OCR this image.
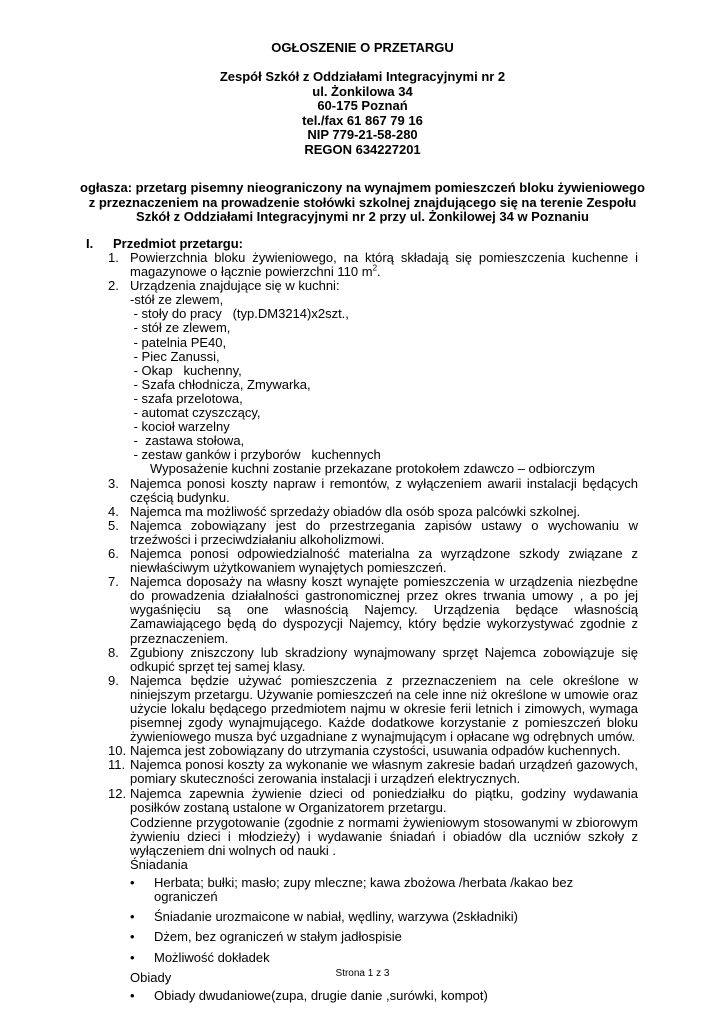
OGŁOSZENIE O PRZETARGU
Zespół Szkół z Oddziałami Integracyjnymi nr 2
ul. Żonkilowa 34
60-175 Poznań
tel./fax 61 867 79 16
NIP 779-21-58-280
REGON 634227201
ogłasza: przetarg pisemny nieograniczony na wynajmem pomieszczeń bloku żywieniowego z przeznaczeniem na prowadzenie stołówki szkolnej znajdującego się na terenie Zespołu Szkół z Oddziałami Integracyjnymi nr 2 przy ul. Żonkilowej 34 w Poznaniu
I. Przedmiot przetargu:
1. Powierzchnia bloku żywieniowego, na którą składają się pomieszczenia kuchenne i magazynowe o łącznie powierzchni 110 $m^2$.
2. Urządzenia znajdujące się w kuchni:
-stół ze zlewem,
- stoły do pracy   (typ.DM3214)x2szt.,
- stół ze zlewem,
- patelnia PE40,
- Piec Zanussi,
- Okap   kuchenny,
- Szafa chłodnicza, Zmywarka,
- szafa przelotowa,
- automat czyszczący,
- kocioł warzelny
-  zastawa stołowa,
- zestaw ganków i przyborów   kuchennych
Wyposażenie kuchni zostanie przekazane protokołem zdawczo – odbiorczym
3. Najemca ponosi koszty napraw i remontów, z wyłączeniem awarii instalacji będących częścią budynku.
4. Najemca ma możliwość sprzedaży obiadów dla osób spoza palcówki szkolnej.
5. Najemca zobowiązany jest do przestrzegania zapisów ustawy o wychowaniu w trzeźwości i przeciwdziałaniu alkoholizmowi.
6. Najemca ponosi odpowiedzialność materialna za wyrządzone szkody związane z niewłaściwym użytkowaniem wynajętych pomieszczeń.
7. Najemca doposaży na własny koszt wynajęte pomieszczenia w urządzenia niezbędne do prowadzenia działalności gastronomicznej przez okres trwania umowy , a po jej wygaśnięciu są one własnością Najemcy. Urządzenia będące własnością Zamawiającego będą do dyspozycji Najemcy, który będzie wykorzystywać zgodnie z przeznaczeniem.
8. Zgubiony zniszczony lub skradziony wynajmowany sprzęt Najemca zobowiązuje się odkupić sprzęt tej samej klasy.
9. Najemca będzie używać pomieszczenia z przeznaczeniem na cele określone w niniejszym przetargu. Używanie pomieszczeń na cele inne niż określone w umowie oraz użycie lokalu będącego przedmiotem najmu w okresie ferii letnich i zimowych, wymaga pisemnej zgody wynajmującego. Każde dodatkowe korzystanie z pomieszczeń bloku żywieniowego musza być uzgadniane z wynajmującym i opłacane wg odrębnych umów.
10. Najemca jest zobowiązany do utrzymania czystości, usuwania odpadów kuchennych.
11. Najemca ponosi koszty za wykonanie we własnym zakresie badań urządzeń gazowych, pomiary skuteczności zerowania instalacji i urządzeń elektrycznych.
12. Najemca zapewnia żywienie dzieci od poniedziałku do piątku, godziny wydawania posiłków zostaną ustalone w Organizatorem przetargu.
Codzienne przygotowanie (zgodnie z normami żywieniowym stosowanymi w zbiorowym żywieniu dzieci i młodzieży) i wydawanie śniadań i obiadów dla uczniów szkoły z wyłączeniem dni wolnych od nauki .
Śniadania
• Herbata; bułki; masło; zupy mleczne; kawa zbożowa /herbata /kakao bez ograniczeń
• Śniadanie urozmaicone w nabiał, wędliny, warzywa (2składniki)
• Dżem, bez ograniczeń w stałym jadłospisie
• Możliwość dokładek
Obiady
• Obiady dwudaniowe(zupa, drugie danie ,surówki, kompot)
Strona 1 z 3
